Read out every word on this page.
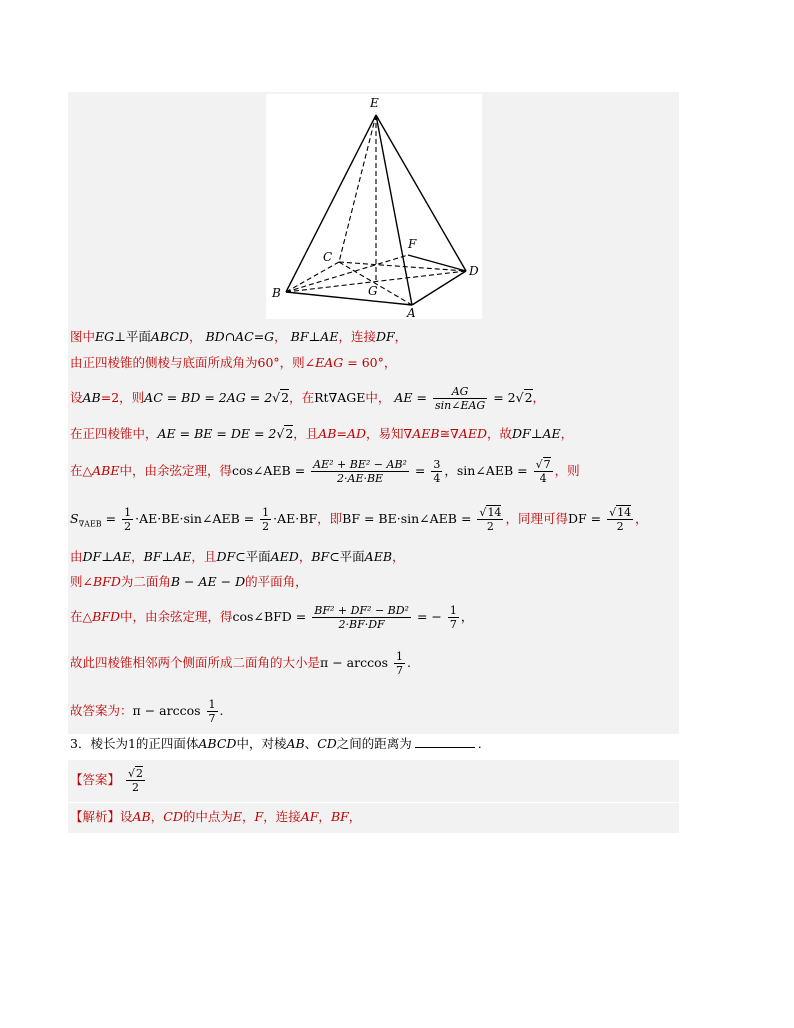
E
C
F
D
G
B
A
图中EG⊥平面ABCD， BD∩AC=G， BF⊥AE，连接DF，
由正四棱锥的侧棱与底面所成角为60°，则∠EAG = 60°，
设AB=2，则AC = BD = 2AG = 2√2，在Rt∇AGE中， AE = $\frac{AG}{\text{sin∠EAG}} = 2√2$，
在正四棱锥中，AE = BE = DE = 2√2，且AB=AD，易知∇AEB≅∇AED，故DF⊥AE，
在△ABE中，由余弦定理，得cos∠AEB = $\frac{\text{AE² + BE² − AB²}}{2\cdot AE\cdot BE} = \frac{3}{4}$ ，sin∠AEB = $\frac{√7}{4}$ ，则
$S_{\nabla AEB} = \frac{1}{2}$ ·AE·BE·sin∠AEB = $\frac{1}{2} \cdot AE\cdot BF$，即BF = BE·sin∠AEB = $\frac{√14}{2}$ ，同理可得DF = $\frac{√14}{2}$ ，
由DF⊥AE，BF⊥AE，且DF⊂平面AED，BF⊂平面AEB，
则∠BFD为二面角B − AE − D的平面角，
在△BFD中，由余弦定理，得cos∠BFD = $\frac{\text{BF² + DF² − BD²}}{2\cdot BF\cdot DF}$ = − $\frac{1}{7}$ ，
故此四棱锥相邻两个侧面所成二面角的大小是$\pi - \arccos \frac{1}{7}$ .
故答案为：$\pi - \arccos \frac{1}{7}$ .
3．棱长为1的正四面体ABCD中，对棱AB、CD之间的距离为	．
【答案】 $\frac{√2}{2}$
【解析】设AB，CD的中点为E，F，连接AF，BF，
